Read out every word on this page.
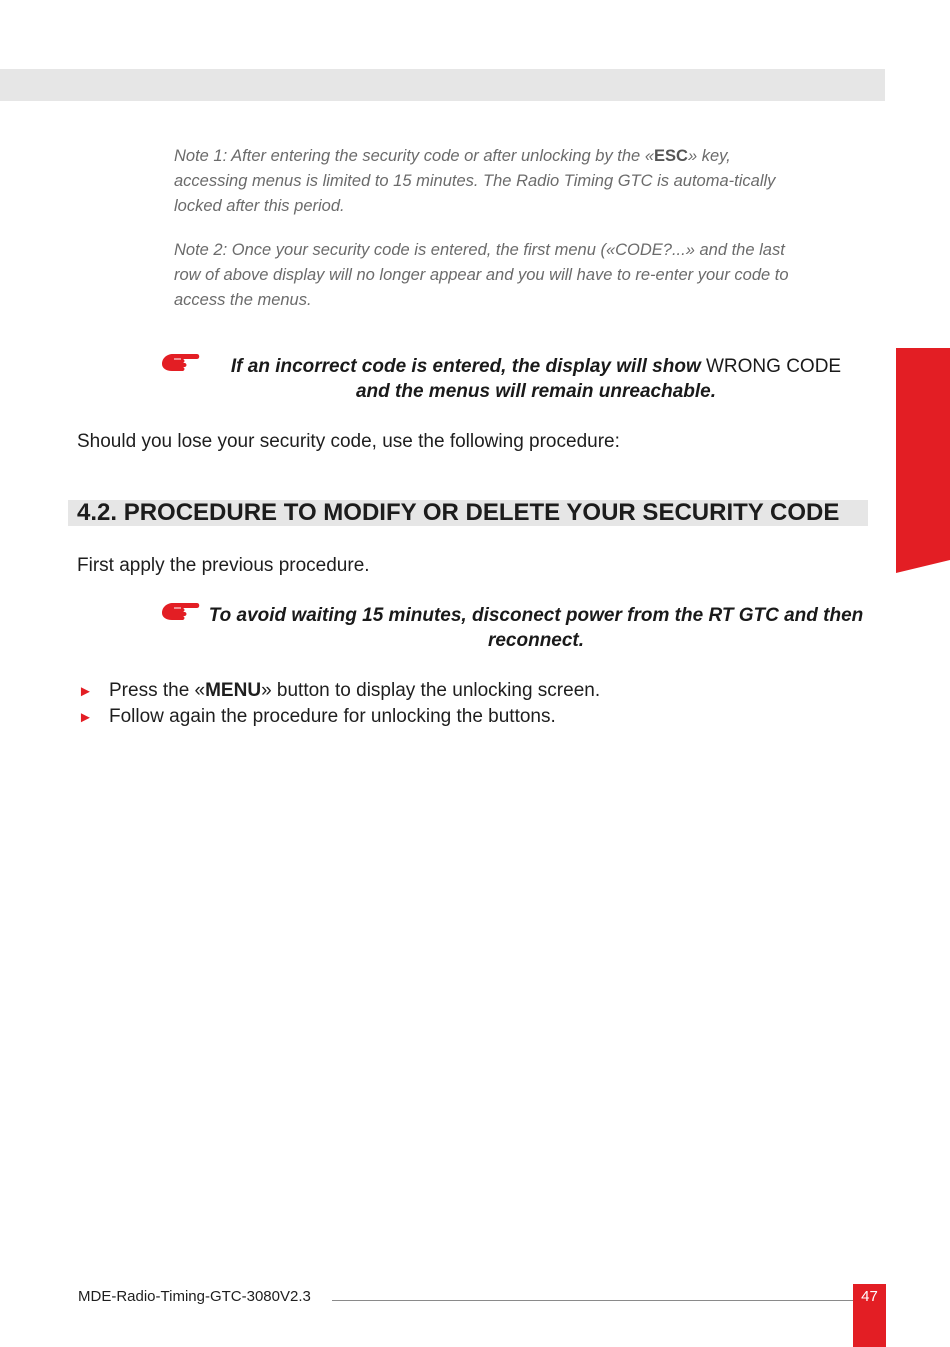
Note 1: After entering the security code or after unlocking by the «ESC» key, accessing menus is limited to 15 minutes. The Radio Timing GTC is automa-tically locked after this period.

Note 2: Once your security code is entered, the first menu («CODE?...» and the last row of above display will no longer appear and you will have to re-enter your code to access the menus.

If an incorrect code is entered, the display will show WRONG CODE
and the menus will remain unreachable.

Should you lose your security code, use the following procedure:

4.2. PROCEDURE TO MODIFY OR DELETE YOUR SECURITY CODE

First apply the previous procedure.

To avoid waiting 15 minutes, disconect power from the RT GTC and then reconnect.

► Press the «MENU» button to display the unlocking screen.
► Follow again the procedure for unlocking the buttons.
ENGLISH
MDE-Radio-Timing-GTC-3080V2.3	47
